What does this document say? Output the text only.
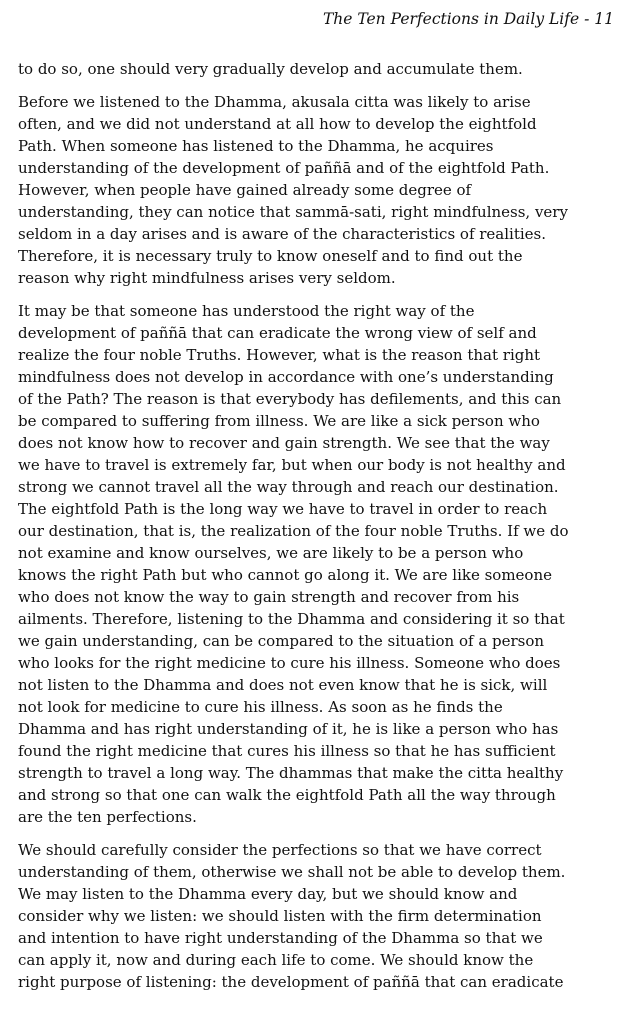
The Ten Perfections in Daily Life - 11

to do so, one should very gradually develop and accumulate them.

Before we listened to the Dhamma, akusala citta was likely to arise
often, and we did not understand at all how to develop the eightfold
Path. When someone has listened to the Dhamma, he acquires
understanding of the development of paññā and of the eightfold Path.
However, when people have gained already some degree of
understanding, they can notice that sammā-sati, right mindfulness, very
seldom in a day arises and is aware of the characteristics of realities.
Therefore, it is necessary truly to know oneself and to find out the
reason why right mindfulness arises very seldom.

It may be that someone has understood the right way of the
development of paññā that can eradicate the wrong view of self and
realize the four noble Truths. However, what is the reason that right
mindfulness does not develop in accordance with one’s understanding
of the Path? The reason is that everybody has defilements, and this can
be compared to suffering from illness. We are like a sick person who
does not know how to recover and gain strength. We see that the way
we have to travel is extremely far, but when our body is not healthy and
strong we cannot travel all the way through and reach our destination.
The eightfold Path is the long way we have to travel in order to reach
our destination, that is, the realization of the four noble Truths. If we do
not examine and know ourselves, we are likely to be a person who
knows the right Path but who cannot go along it. We are like someone
who does not know the way to gain strength and recover from his
ailments. Therefore, listening to the Dhamma and considering it so that
we gain understanding, can be compared to the situation of a person
who looks for the right medicine to cure his illness. Someone who does
not listen to the Dhamma and does not even know that he is sick, will
not look for medicine to cure his illness. As soon as he finds the
Dhamma and has right understanding of it, he is like a person who has
found the right medicine that cures his illness so that he has sufficient
strength to travel a long way. The dhammas that make the citta healthy
and strong so that one can walk the eightfold Path all the way through
are the ten perfections.

We should carefully consider the perfections so that we have correct
understanding of them, otherwise we shall not be able to develop them.
We may listen to the Dhamma every day, but we should know and
consider why we listen: we should listen with the firm determination
and intention to have right understanding of the Dhamma so that we
can apply it, now and during each life to come. We should know the
right purpose of listening: the development of paññā that can eradicate
